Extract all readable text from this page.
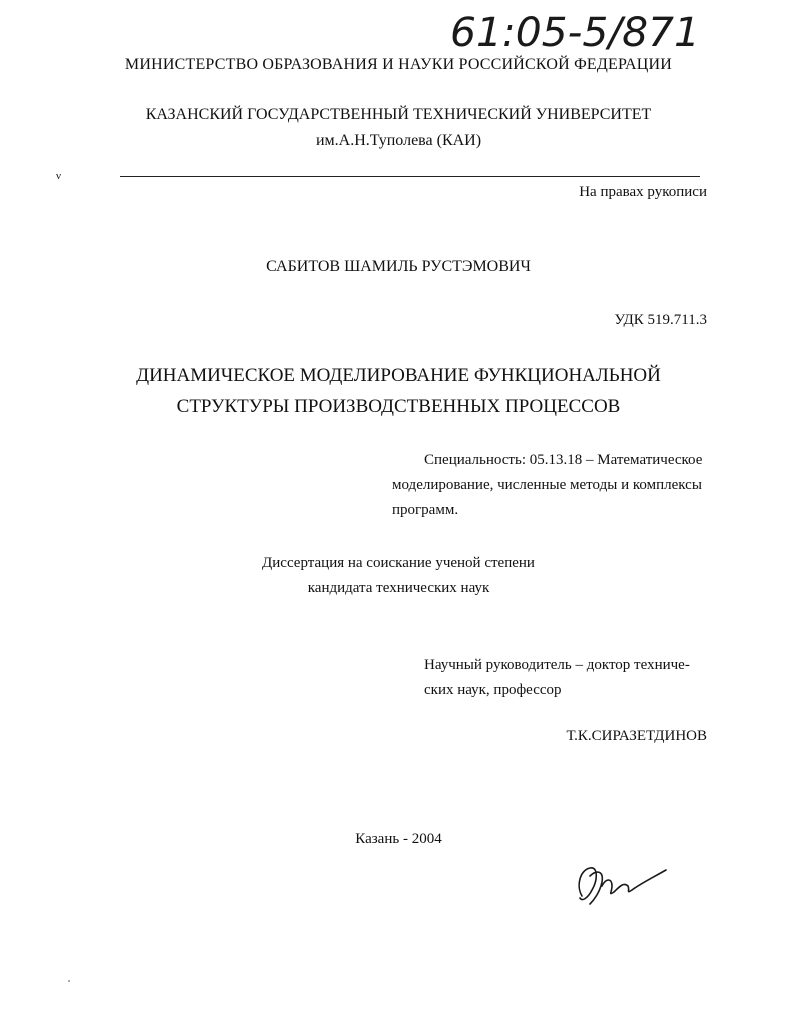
61:05-5/871
МИНИСТЕРСТВО ОБРАЗОВАНИЯ И НАУКИ РОССИЙСКОЙ ФЕДЕРАЦИИ
КАЗАНСКИЙ ГОСУДАРСТВЕННЫЙ ТЕХНИЧЕСКИЙ УНИВЕРСИТЕТ
им.А.Н.Туполева (КАИ)
ν
На правах рукописи
САБИТОВ ШАМИЛЬ РУСТЭМОВИЧ
УДК 519.711.3
ДИНАМИЧЕСКОЕ МОДЕЛИРОВАНИЕ ФУНКЦИОНАЛЬНОЙ
СТРУКТУРЫ ПРОИЗВОДСТВЕННЫХ ПРОЦЕССОВ
Специальность: 05.13.18 – Математическое
моделирование, численные методы и комплексы
программ.
Диссертация на соискание ученой степени
кандидата технических наук
Научный руководитель – доктор техниче-
ских наук, профессор
Т.К.СИРАЗЕТДИНОВ
Казань - 2004
